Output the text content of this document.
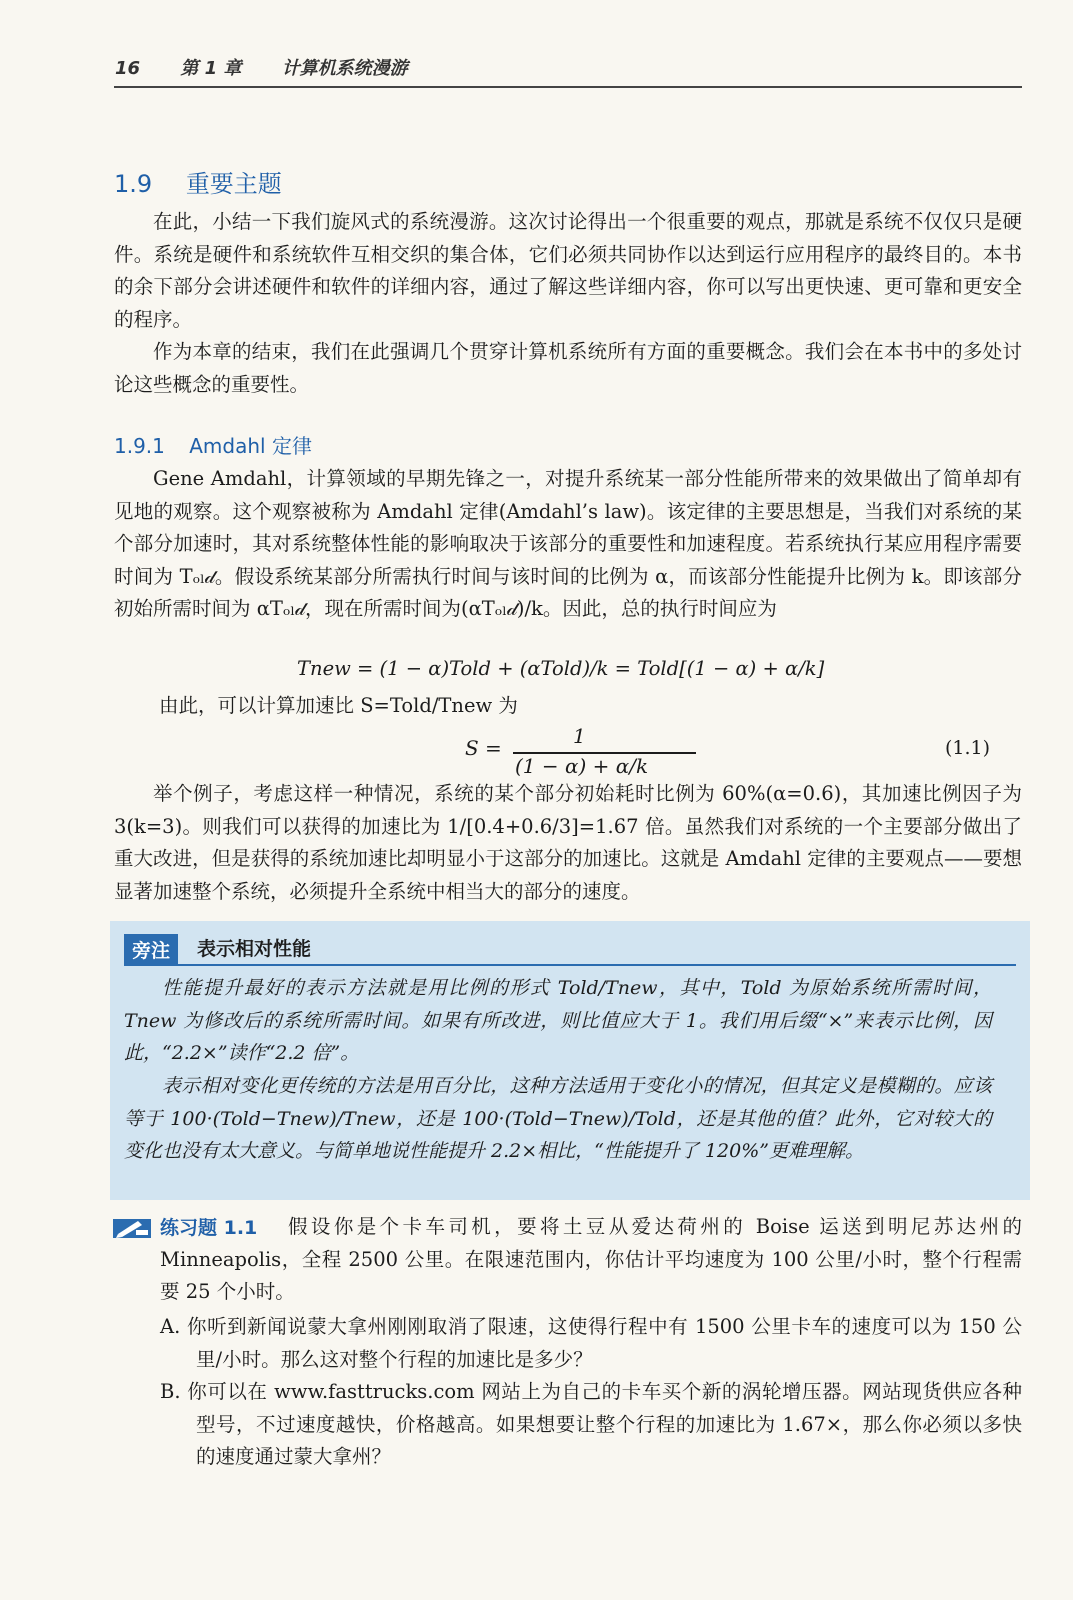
16 第 1 章 计算机系统漫游
1.9 重要主题

在此，小结一下我们旋风式的系统漫游。这次讨论得出一个很重要的观点，那就是系统不仅仅只是硬件。系统是硬件和系统软件互相交织的集合体，它们必须共同协作以达到运行应用程序的最终目的。本书的余下部分会讲述硬件和软件的详细内容，通过了解这些详细内容，你可以写出更快速、更可靠和更安全的程序。

作为本章的结束，我们在此强调几个贯穿计算机系统所有方面的重要概念。我们会在本书中的多处讨论这些概念的重要性。

1.9.1 Amdahl 定律

Gene Amdahl，计算领域的早期先锋之一，对提升系统某一部分性能所带来的效果做出了简单却有见地的观察。这个观察被称为 Amdahl 定律(Amdahl’s law)。该定律的主要思想是，当我们对系统的某个部分加速时，其对系统整体性能的影响取决于该部分的重要性和加速程度。若系统执行某应用程序需要时间为 Tₒₗ𝒹。假设系统某部分所需执行时间与该时间的比例为 α，而该部分性能提升比例为 k。即该部分初始所需时间为 αTₒₗ𝒹，现在所需时间为(αTₒₗ𝒹)/k。因此，总的执行时间应为

Tnew = (1 − α)Told + (αTold)/k = Told[(1 − α) + α/k]
由此，可以计算加速比 S=Told/Tnew 为
S =	1
(1 − α) + α/k
(1.1)

举个例子，考虑这样一种情况，系统的某个部分初始耗时比例为 60%(α=0.6)，其加速比例因子为 3(k=3)。则我们可以获得的加速比为 1/[0.4+0.6/3]=1.67 倍。虽然我们对系统的一个主要部分做出了重大改进，但是获得的系统加速比却明显小于这部分的加速比。这就是 Amdahl 定律的主要观点——要想显著加速整个系统，必须提升全系统中相当大的部分的速度。

旁注	表示相对性能

性能提升最好的表示方法就是用比例的形式 Told/Tnew，其中，Told 为原始系统所需时间，Tnew 为修改后的系统所需时间。如果有所改进，则比值应大于 1。我们用后缀“×”来表示比例，因此，“2.2×”读作“2.2 倍”。

表示相对变化更传统的方法是用百分比，这种方法适用于变化小的情况，但其定义是模糊的。应该等于 100·(Told−Tnew)/Tnew，还是 100·(Told−Tnew)/Told，还是其他的值？此外，它对较大的变化也没有太大意义。与简单地说性能提升 2.2×相比，“性能提升了 120%”更难理解。

练习题 1.1	假设你是个卡车司机，要将土豆从爱达荷州的 Boise 运送到明尼苏达州的 Minneapolis，全程 2500 公里。在限速范围内，你估计平均速度为 100 公里/小时，整个行程需要 25 个小时。

A. 你听到新闻说蒙大拿州刚刚取消了限速，这使得行程中有 1500 公里卡车的速度可以为 150 公里/小时。那么这对整个行程的加速比是多少？

B. 你可以在 www.fasttrucks.com 网站上为自己的卡车买个新的涡轮增压器。网站现货供应各种型号，不过速度越快，价格越高。如果想要让整个行程的加速比为 1.67×，那么你必须以多快的速度通过蒙大拿州？
